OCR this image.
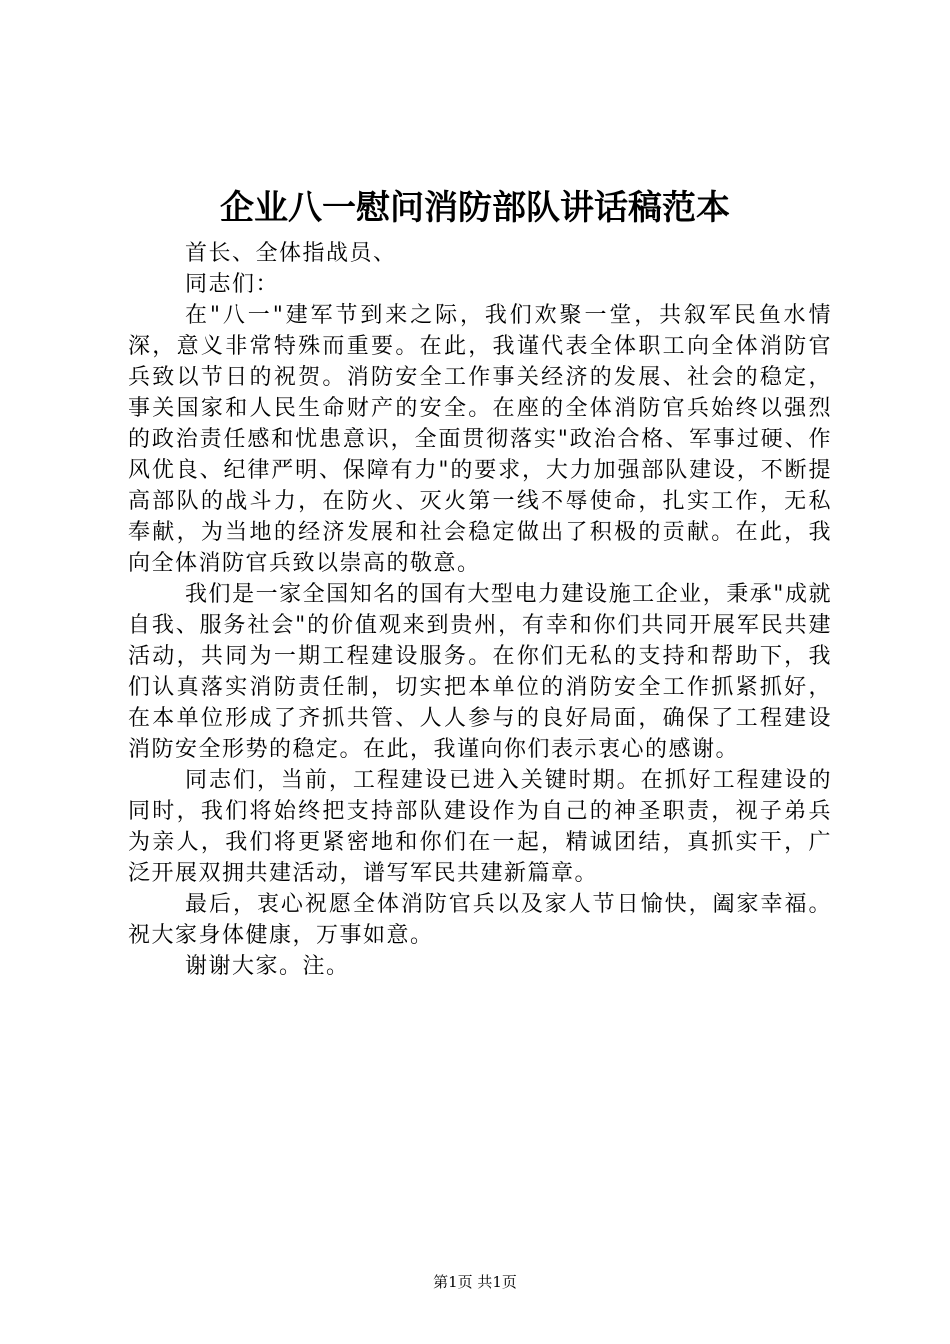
企业八一慰问消防部队讲话稿范本

首长、全体指战员、

同志们：

在"八一"建军节到来之际，我们欢聚一堂，共叙军民鱼水情深，意义非常特殊而重要。在此，我谨代表全体职工向全体消防官兵致以节日的祝贺。消防安全工作事关经济的发展、社会的稳定，事关国家和人民生命财产的安全。在座的全体消防官兵始终以强烈的政治责任感和忧患意识，全面贯彻落实"政治合格、军事过硬、作风优良、纪律严明、保障有力"的要求，大力加强部队建设，不断提高部队的战斗力，在防火、灭火第一线不辱使命，扎实工作，无私奉献，为当地的经济发展和社会稳定做出了积极的贡献。在此，我向全体消防官兵致以崇高的敬意。

我们是一家全国知名的国有大型电力建设施工企业，秉承"成就自我、服务社会"的价值观来到贵州，有幸和你们共同开展军民共建活动，共同为一期工程建设服务。在你们无私的支持和帮助下，我们认真落实消防责任制，切实把本单位的消防安全工作抓紧抓好，在本单位形成了齐抓共管、人人参与的良好局面，确保了工程建设消防安全形势的稳定。在此，我谨向你们表示衷心的感谢。

同志们，当前，工程建设已进入关键时期。在抓好工程建设的同时，我们将始终把支持部队建设作为自己的神圣职责，视子弟兵为亲人，我们将更紧密地和你们在一起，精诚团结，真抓实干，广泛开展双拥共建活动，谱写军民共建新篇章。

最后，衷心祝愿全体消防官兵以及家人节日愉快，阖家幸福。祝大家身体健康，万事如意。

谢谢大家。注。

第1页 共1页
